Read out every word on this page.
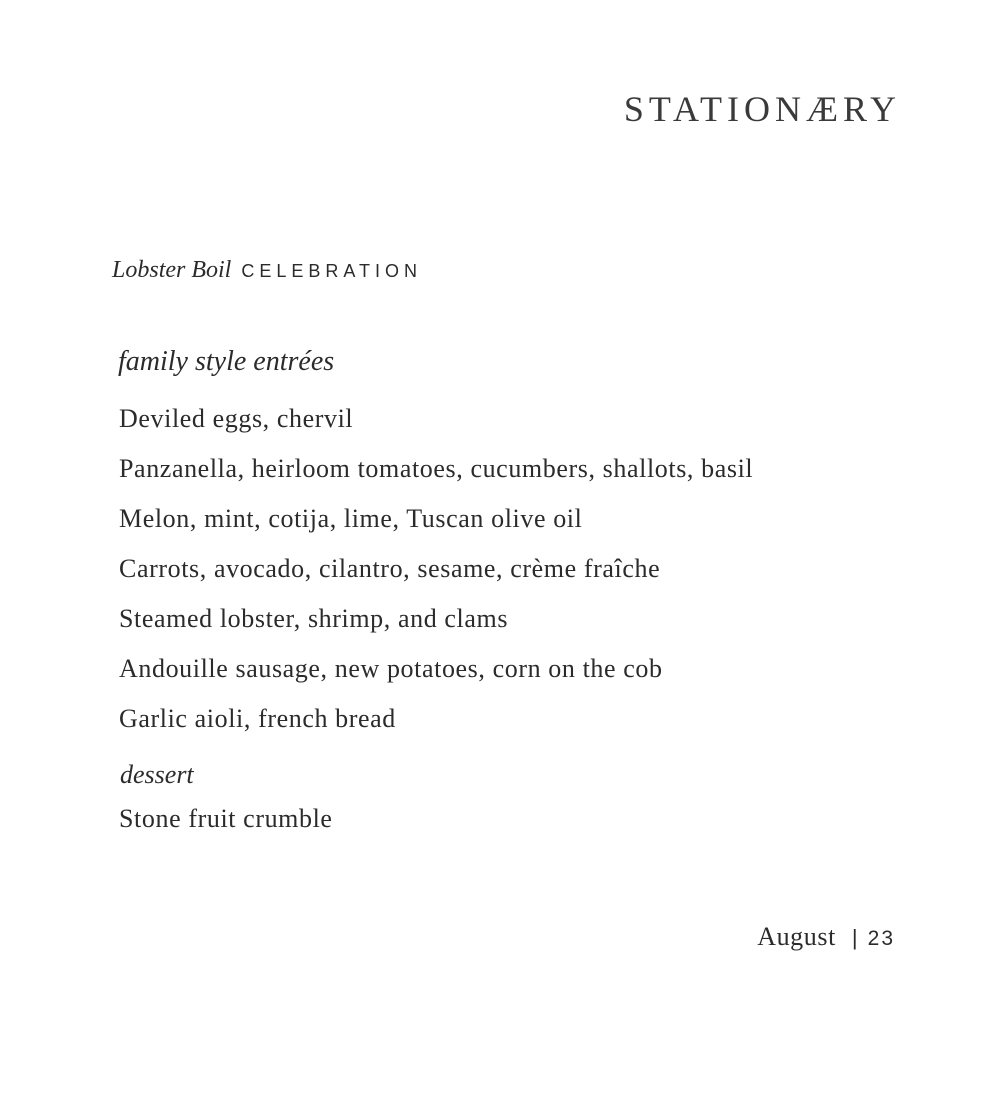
STATIONÆRY
Lobster Boil CELEBRATION
family style entrées
Deviled eggs, chervil
Panzanella, heirloom tomatoes, cucumbers, shallots, basil
Melon, mint, cotija, lime, Tuscan olive oil
Carrots, avocado, cilantro, sesame, crème fraîche
Steamed lobster, shrimp, and clams
Andouille sausage, new potatoes, corn on the cob
Garlic aioli, french bread
dessert
Stone fruit crumble
August | 23
